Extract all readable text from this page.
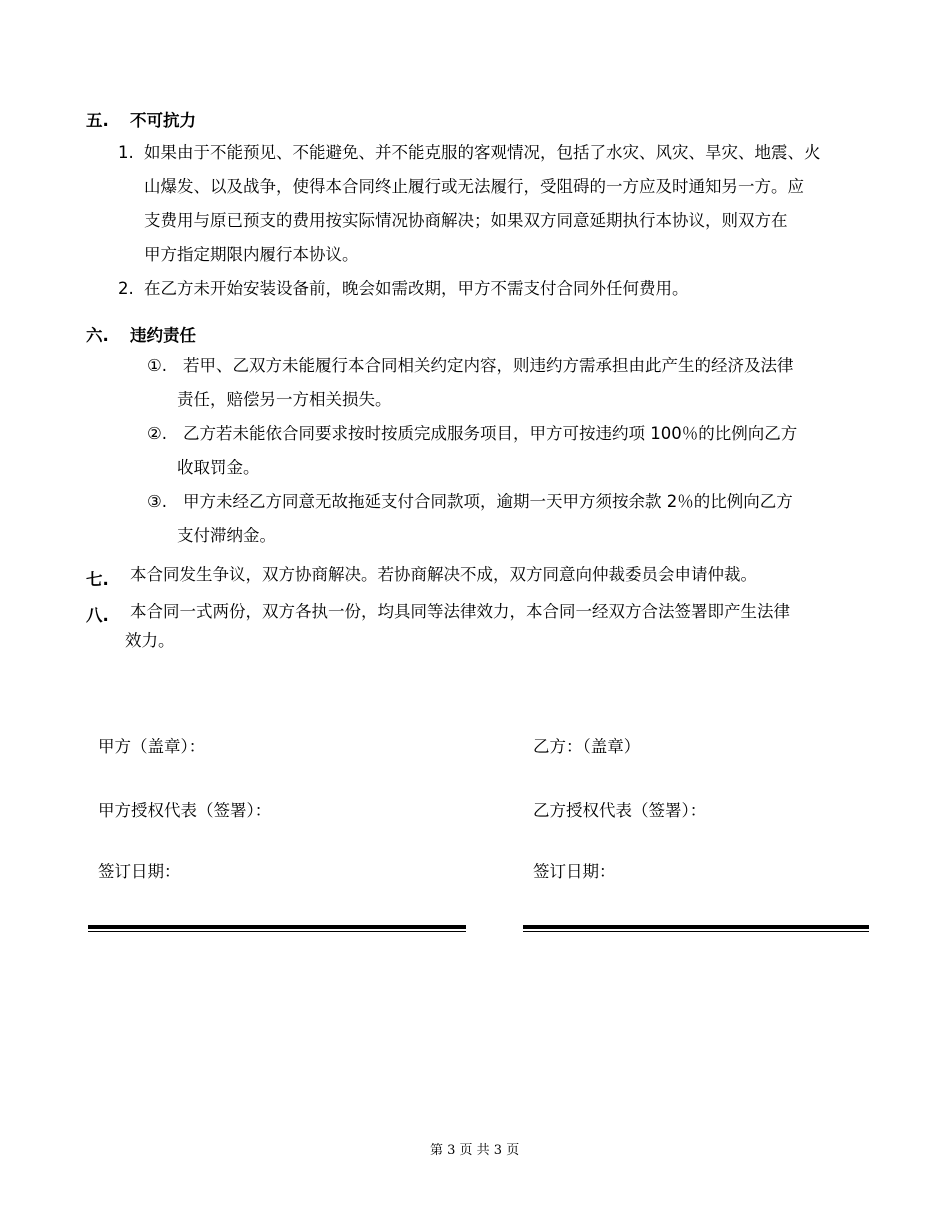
五. 不可抗力
1. 如果由于不能预见、不能避免、并不能克服的客观情况，包括了水灾、风灾、旱灾、地震、火
山爆发、以及战争，使得本合同终止履行或无法履行，受阻碍的一方应及时通知另一方。应
支费用与原已预支的费用按实际情况协商解决；如果双方同意延期执行本协议，则双方在
甲方指定期限内履行本协议。
2. 在乙方未开始安装设备前，晚会如需改期，甲方不需支付合同外任何费用。
六. 违约责任
①. 若甲、乙双方未能履行本合同相关约定内容，则违约方需承担由此产生的经济及法律
责任，赔偿另一方相关损失。
②. 乙方若未能依合同要求按时按质完成服务项目，甲方可按违约项 100％的比例向乙方
收取罚金。
③. 甲方未经乙方同意无故拖延支付合同款项，逾期一天甲方须按余款 2％的比例向乙方
支付滞纳金。
七. 本合同发生争议，双方协商解决。若协商解决不成，双方同意向仲裁委员会申请仲裁。
八. 本合同一式两份，双方各执一份，均具同等法律效力，本合同一经双方合法签署即产生法律
效力。
甲方（盖章）：
甲方授权代表（签署）：
签订日期：
乙方：（盖章）
乙方授权代表（签署）：
签订日期：
第 3 页 共 3 页
